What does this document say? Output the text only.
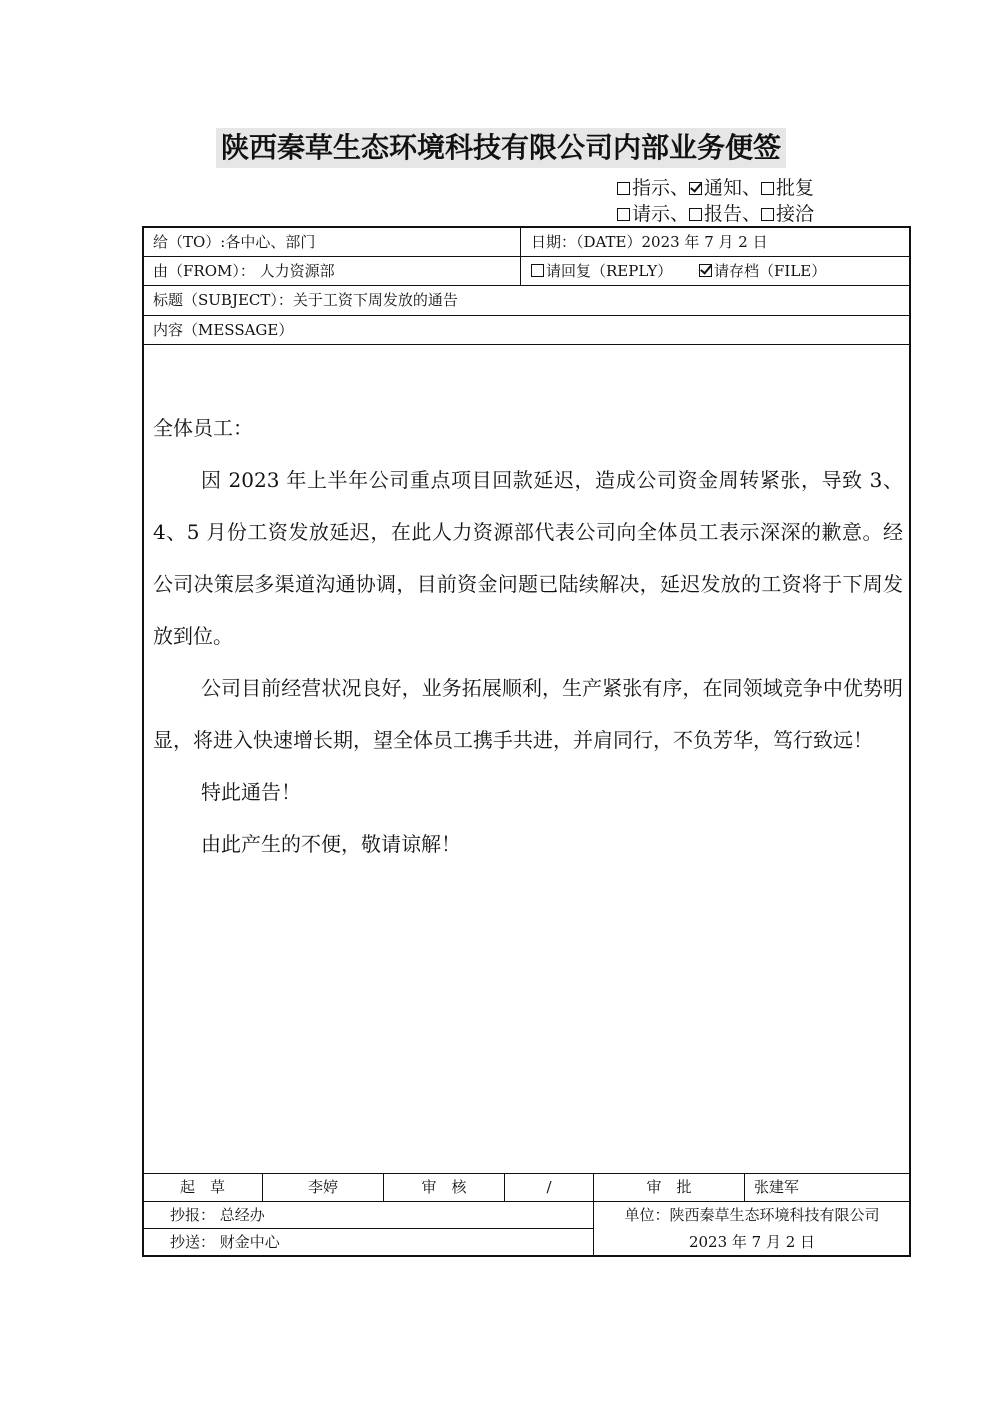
陕西秦草生态环境科技有限公司内部业务便签
指示、 通知、 批复
请示、 报告、 接洽
给（TO）:各中心、部门	日期：（DATE）2023 年 7 月 2 日
由（FROM）： 人力资源部	请回复（REPLY）	请存档（FILE）
标题（SUBJECT）：关于工资下周发放的通告
内容（MESSAGE）

全体员工：

因 2023 年上半年公司重点项目回款延迟，造成公司资金周转紧张，导致 3、4、5 月份工资发放延迟，在此人力资源部代表公司向全体员工表示深深的歉意。经公司决策层多渠道沟通协调，目前资金问题已陆续解决，延迟发放的工资将于下周发放到位。

公司目前经营状况良好，业务拓展顺利，生产紧张有序，在同领域竞争中优势明显，将进入快速增长期，望全体员工携手共进，并肩同行，不负芳华，笃行致远！

特此通告！

由此产生的不便，敬请谅解！

起　草	李婷	审　核	/	审　批	张建军
抄报： 总经办
抄送： 财金中心
单位：陕西秦草生态环境科技有限公司
2023 年 7 月 2 日
